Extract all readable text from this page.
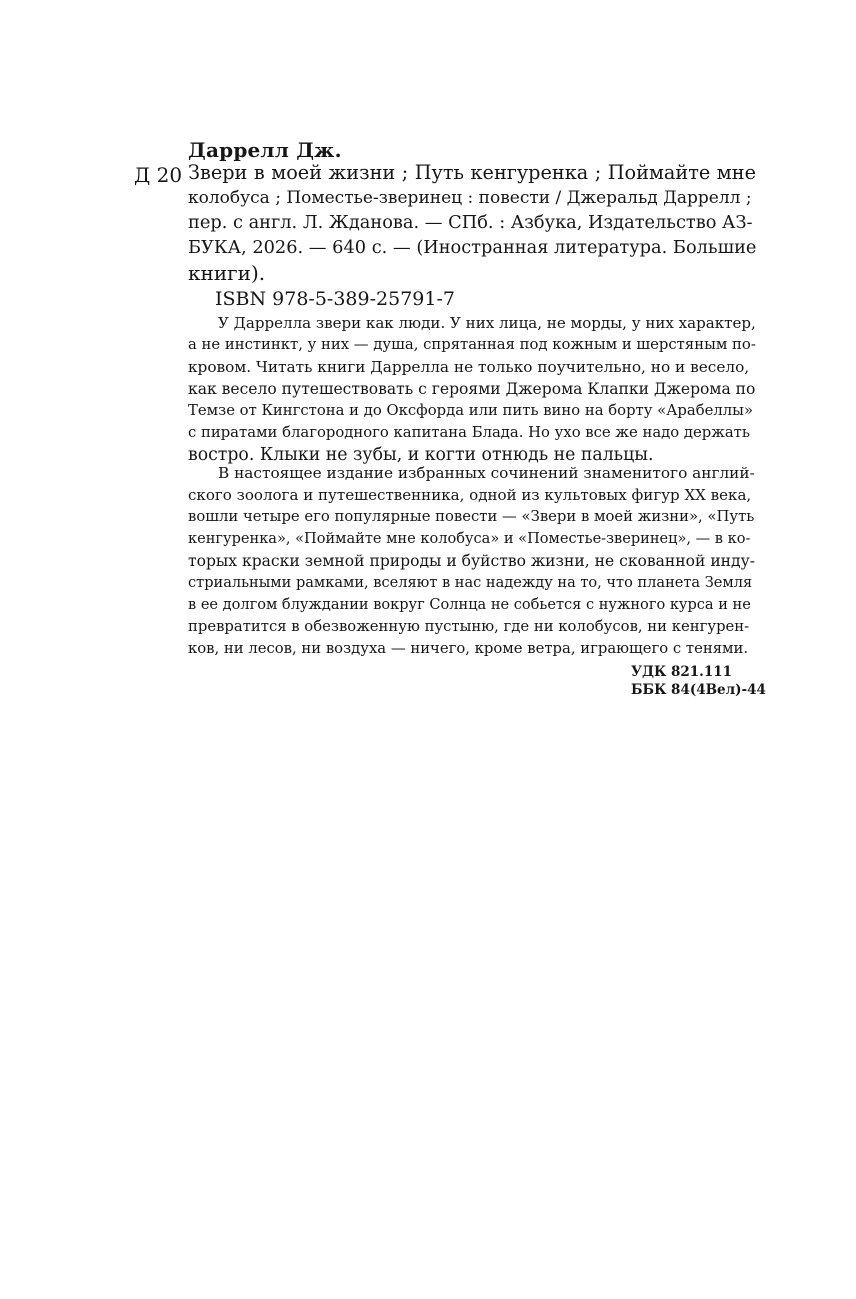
Даррелл Дж.
Д 20 Звери в моей жизни ; Путь кенгуренка ; Поймайте мне
колобуса ; Поместье-зверинец : повести / Джеральд Даррелл ;
пер. с англ. Л. Жданова. — СПб. : Азбука, Издательство АЗ-
БУКА, 2026. — 640 с. — (Иностранная литература. Большие
книги).
ISBN 978-5-389-25791-7
У Даррелла звери как люди. У них лица, не морды, у них характер,
а не инстинкт, у них — душа, спрятанная под кожным и шерстяным по-
кровом. Читать книги Даррелла не только поучительно, но и весело,
как весело путешествовать с героями Джерома Клапки Джерома по
Темзе от Кингстона и до Оксфорда или пить вино на борту «Арабеллы»
с пиратами благородного капитана Блада. Но ухо все же надо держать
востро. Клыки не зубы, и когти отнюдь не пальцы.
В настоящее издание избранных сочинений знаменитого англий-
ского зоолога и путешественника, одной из культовых фигур XX века,
вошли четыре его популярные повести — «Звери в моей жизни», «Путь
кенгуренка», «Поймайте мне колобуса» и «Поместье-зверинец», — в ко-
торых краски земной природы и буйство жизни, не скованной инду-
стриальными рамками, вселяют в нас надежду на то, что планета Земля
в ее долгом блуждании вокруг Солнца не собьется с нужного курса и не
превратится в обезвоженную пустыню, где ни колобусов, ни кенгурен-
ков, ни лесов, ни воздуха — ничего, кроме ветра, играющего с тенями.
УДК 821.111
ББК 84(4Вел)-44
